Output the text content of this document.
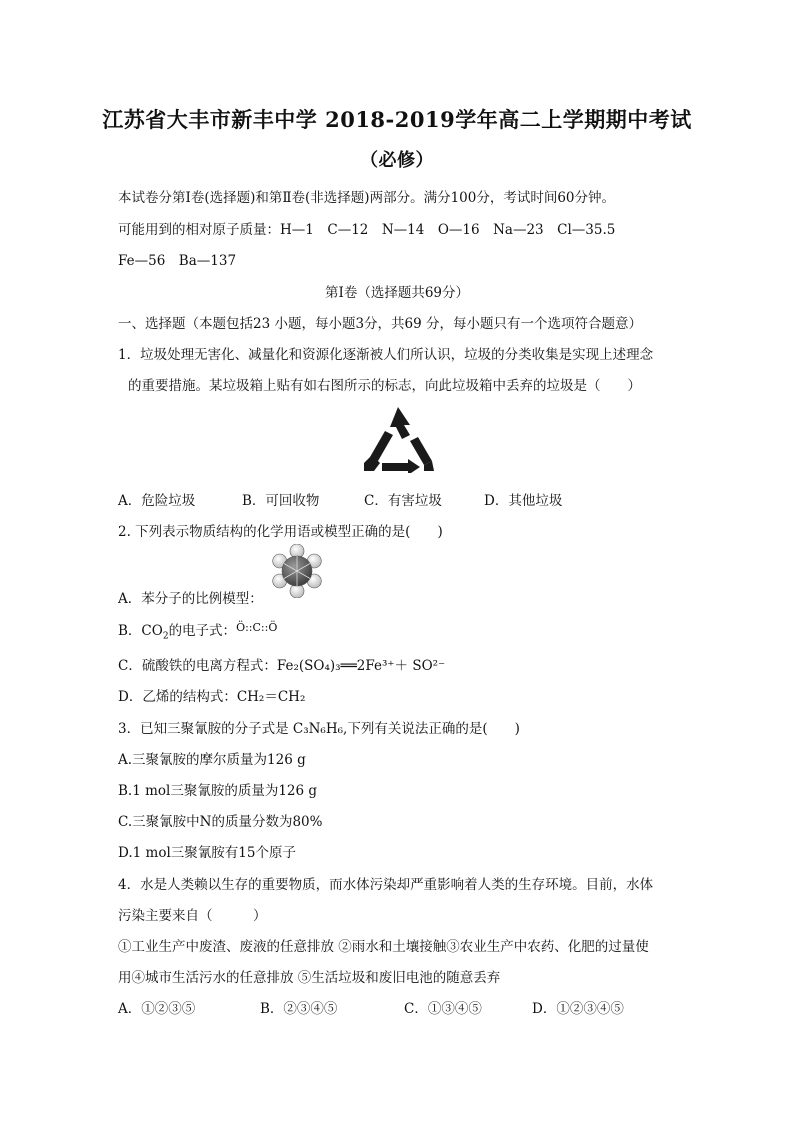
江苏省大丰市新丰中学 2018-2019学年高二上学期期中考试
（必修）
本试卷分第Ⅰ卷(选择题)和第Ⅱ卷(非选择题)两部分。满分100分，考试时间60分钟。
可能用到的相对原子质量：H—1　C—12　N—14　O—16　Na—23　Cl—35.5
Fe—56　Ba—137
第Ⅰ卷（选择题共69分）
一、选择题（本题包括23 小题，每小题3分，共69 分，每小题只有一个选项符合题意）
1．垃圾处理无害化、减量化和资源化逐渐被人们所认识，垃圾的分类收集是实现上述理念
的重要措施。某垃圾箱上贴有如右图所示的标志，向此垃圾箱中丢弃的垃圾是（　　）
A．危险垃圾	B．可回收物	C．有害垃圾	D．其他垃圾
2. 下列表示物质结构的化学用语或模型正确的是(　　)
A．苯分子的比例模型：
B．$CO_2$的电子式：$^{Ö::C::Ö}$
C．硫酸铁的电离方程式：Fe₂(SO₄)₃══2Fe³⁺＋ SO²⁻
D．乙烯的结构式：CH₂＝CH₂
3．已知三聚氰胺的分子式是 C₃N₆H₆,下列有关说法正确的是(　　)
A.三聚氰胺的摩尔质量为126 g
B.1 mol三聚氰胺的质量为126 g
C.三聚氰胺中N的质量分数为80%
D.1 mol三聚氰胺有15个原子
4．水是人类赖以生存的重要物质，而水体污染却严重影响着人类的生存环境。目前，水体
污染主要来自（　　　）
①工业生产中废渣、废液的任意排放 ②雨水和土壤接触③农业生产中农药、化肥的过量使
用④城市生活污水的任意排放 ⑤生活垃圾和废旧电池的随意丢弃
A．①②③⑤	B．②③④⑤	C．①③④⑤	D．①②③④⑤
